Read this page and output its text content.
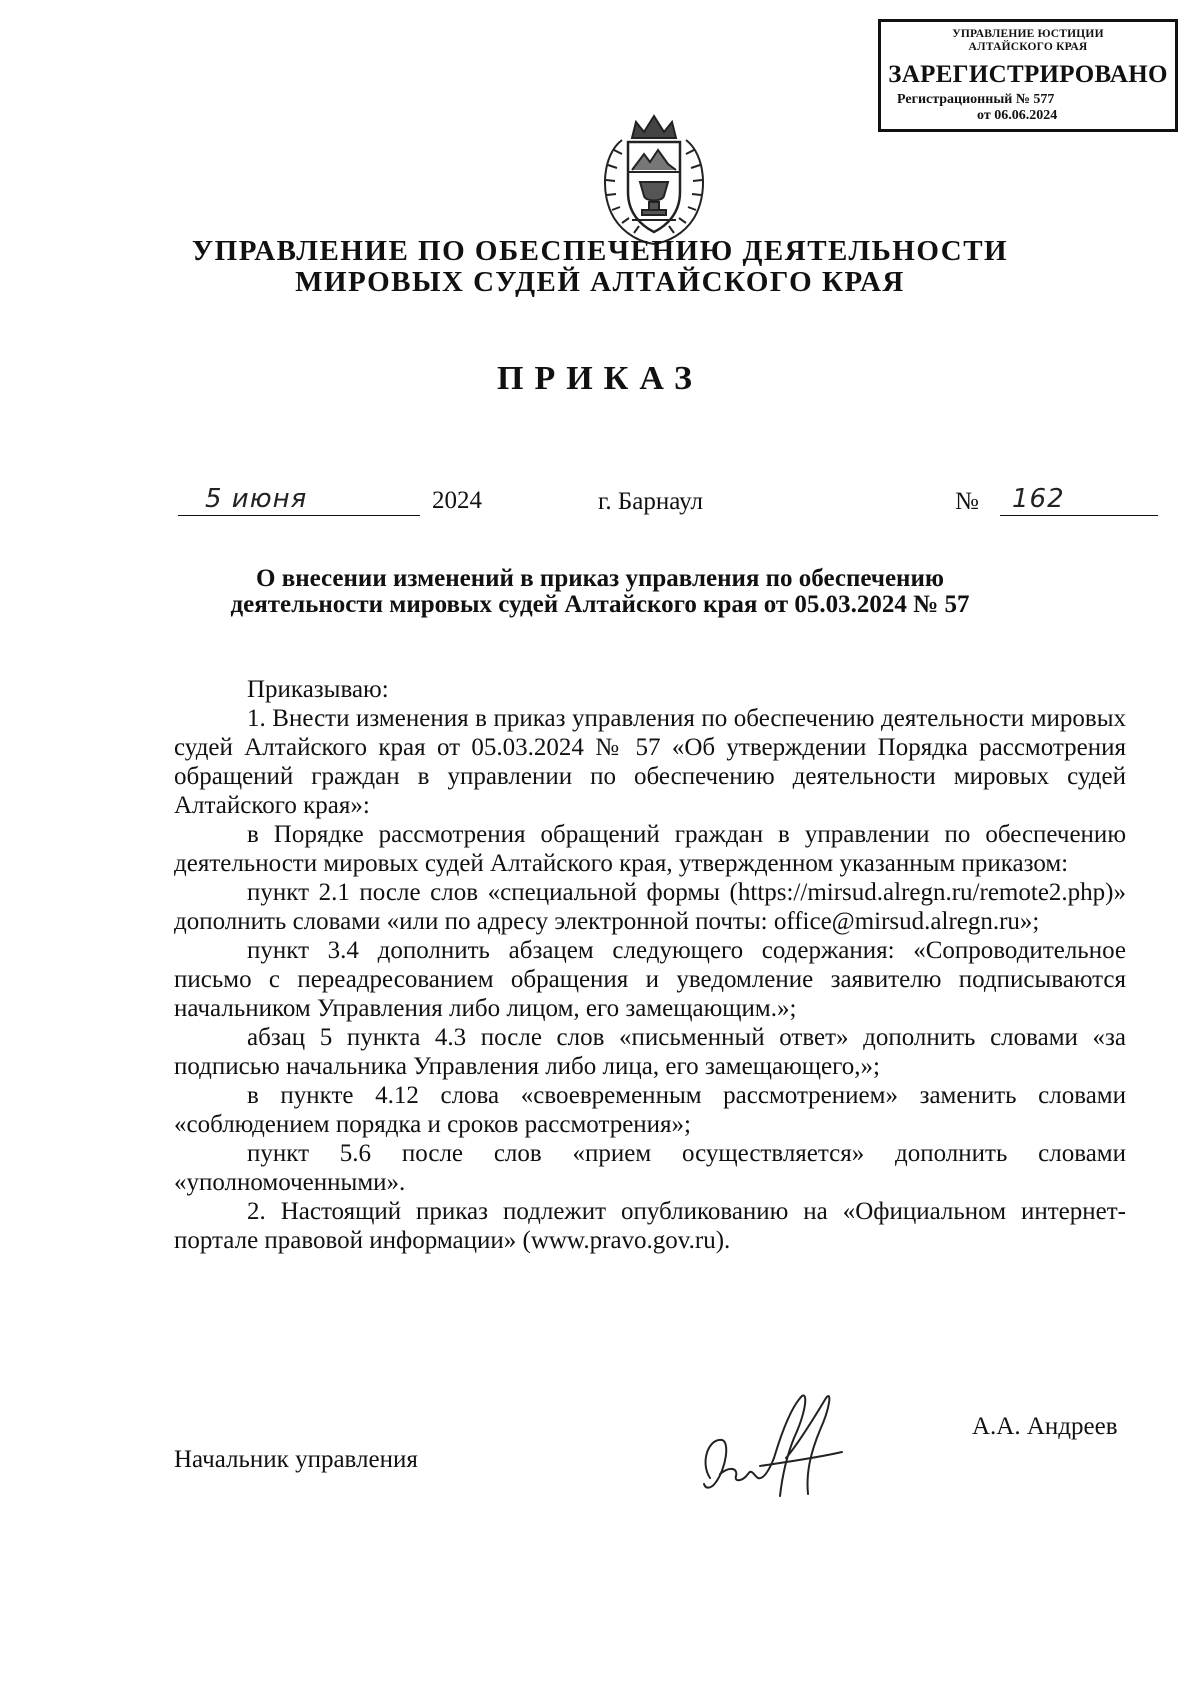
УПРАВЛЕНИЕ ЮСТИЦИИ
АЛТАЙСКОГО КРАЯ
ЗАРЕГИСТРИРОВАНО
Регистрационный № 577
от 06.06.2024
УПРАВЛЕНИЕ ПО ОБЕСПЕЧЕНИЮ ДЕЯТЕЛЬНОСТИ
МИРОВЫХ СУДЕЙ АЛТАЙСКОГО КРАЯ
ПРИКАЗ
5 июня	2024	г. Барнаул	№ 162
О внесении изменений в приказ управления по обеспечению
деятельности мировых судей Алтайского края от 05.03.2024 № 57

Приказываю:

1. Внести изменения в приказ управления по обеспечению деятельности мировых судей Алтайского края от 05.03.2024 № 57 «Об утверждении Порядка рассмотрения обращений граждан в управлении по обеспечению деятельности мировых судей Алтайского края»:

в Порядке рассмотрения обращений граждан в управлении по обеспечению деятельности мировых судей Алтайского края, утвержденном указанным приказом:

пункт 2.1 после слов «специальной формы (https://mirsud.alregn.ru/remote2.php)» дополнить словами «или по адресу электронной почты: office@mirsud.alregn.ru»;

пункт 3.4 дополнить абзацем следующего содержания: «Сопроводительное письмо с переадресованием обращения и уведомление заявителю подписываются начальником Управления либо лицом, его замещающим.»;

абзац 5 пункта 4.3 после слов «письменный ответ» дополнить словами «за подписью начальника Управления либо лица, его замещающего,»;

в пункте 4.12 слова «своевременным рассмотрением» заменить словами «соблюдением порядка и сроков рассмотрения»;

пункт 5.6 после слов «прием осуществляется» дополнить словами «уполномоченными».

2. Настоящий приказ подлежит опубликованию на «Официальном интернет-портале правовой информации» (www.pravo.gov.ru).

Начальник управления
А.А. Андреев
